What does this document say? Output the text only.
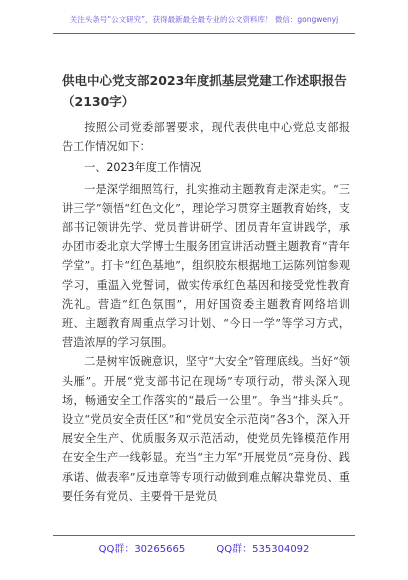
关注头条号“公文研究”，获得最新最全最专业的公文资料库！ 微信：gongwenyj
供电中心党支部2023年度抓基层党建工作述职报告（2130字）

按照公司党委部署要求，现代表供电中心党总支部报告工作情况如下：

一、2023年度工作情况

一是深学细照笃行，扎实推动主题教育走深走实。“三讲三学”领悟“红色文化”，理论学习贯穿主题教育始终，支部书记领讲先学、党员普讲研学、团员青年宣讲践学，承办团市委北京大学博士生服务团宣讲活动暨主题教育“青年学堂”。打卡“红色基地”，组织胶东根据地工运陈列馆参观学习，重温入党誓词，做实传承红色基因和接受党性教育洗礼。营造“红色氛围”，用好国资委主题教育网络培训班、主题教育周重点学习计划、“今日一学”等学习方式，营造浓厚的学习氛围。

二是树牢饭碗意识，坚守“大安全”管理底线。当好“领头雁”。开展“党支部书记在现场”专项行动，带头深入现场，畅通安全工作落实的“最后一公里”。争当“排头兵”。设立“党员安全责任区”和“党员安全示范岗”各3个，深入开展安全生产、优质服务双示范活动，使党员先锋模范作用在安全生产一线彰显。充当“主力军”开展党员“亮身份、践承诺、做表率”反违章等专项行动做到难点解决靠党员、重要任务有党员、主要骨干是党员

QQ群：30265665	QQ群：535304092
